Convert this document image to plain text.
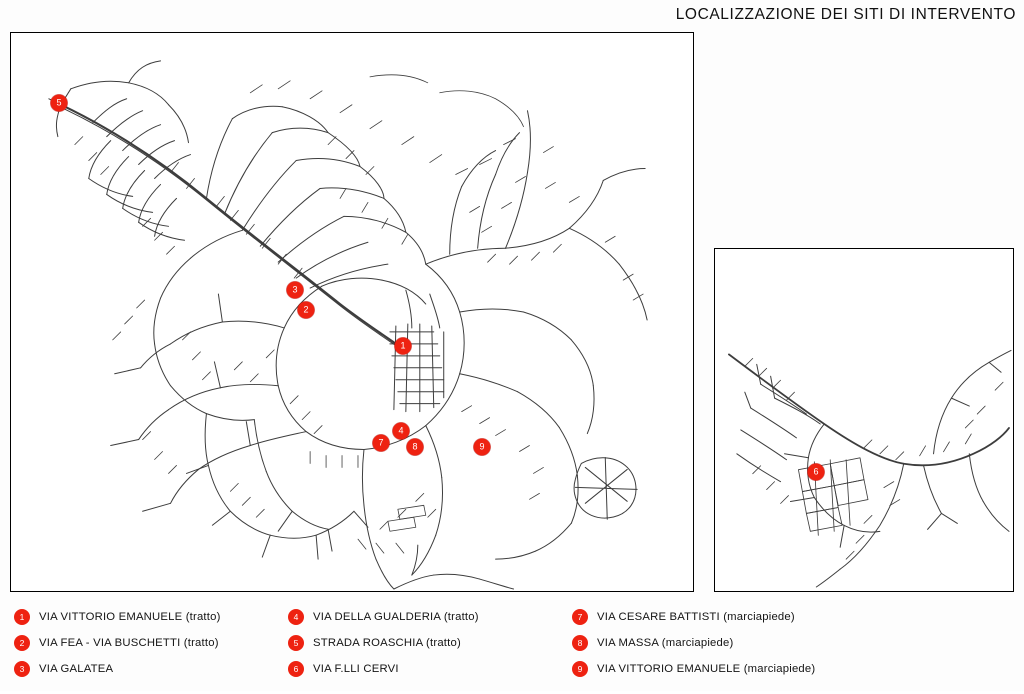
LOCALIZZAZIONE DEI SITI DI INTERVENTO
1
2
3
4
5
7	8	9
6
1	VIA VITTORIO EMANUELE (tratto)
2	VIA FEA - VIA BUSCHETTI (tratto)
3	VIA GALATEA
4	VIA DELLA GUALDERIA (tratto)
5	STRADA ROASCHIA (tratto)
6	VIA F.LLI CERVI
7	VIA CESARE BATTISTI (marciapiede)
8	VIA MASSA (marciapiede)
9	VIA VITTORIO EMANUELE (marciapiede)
